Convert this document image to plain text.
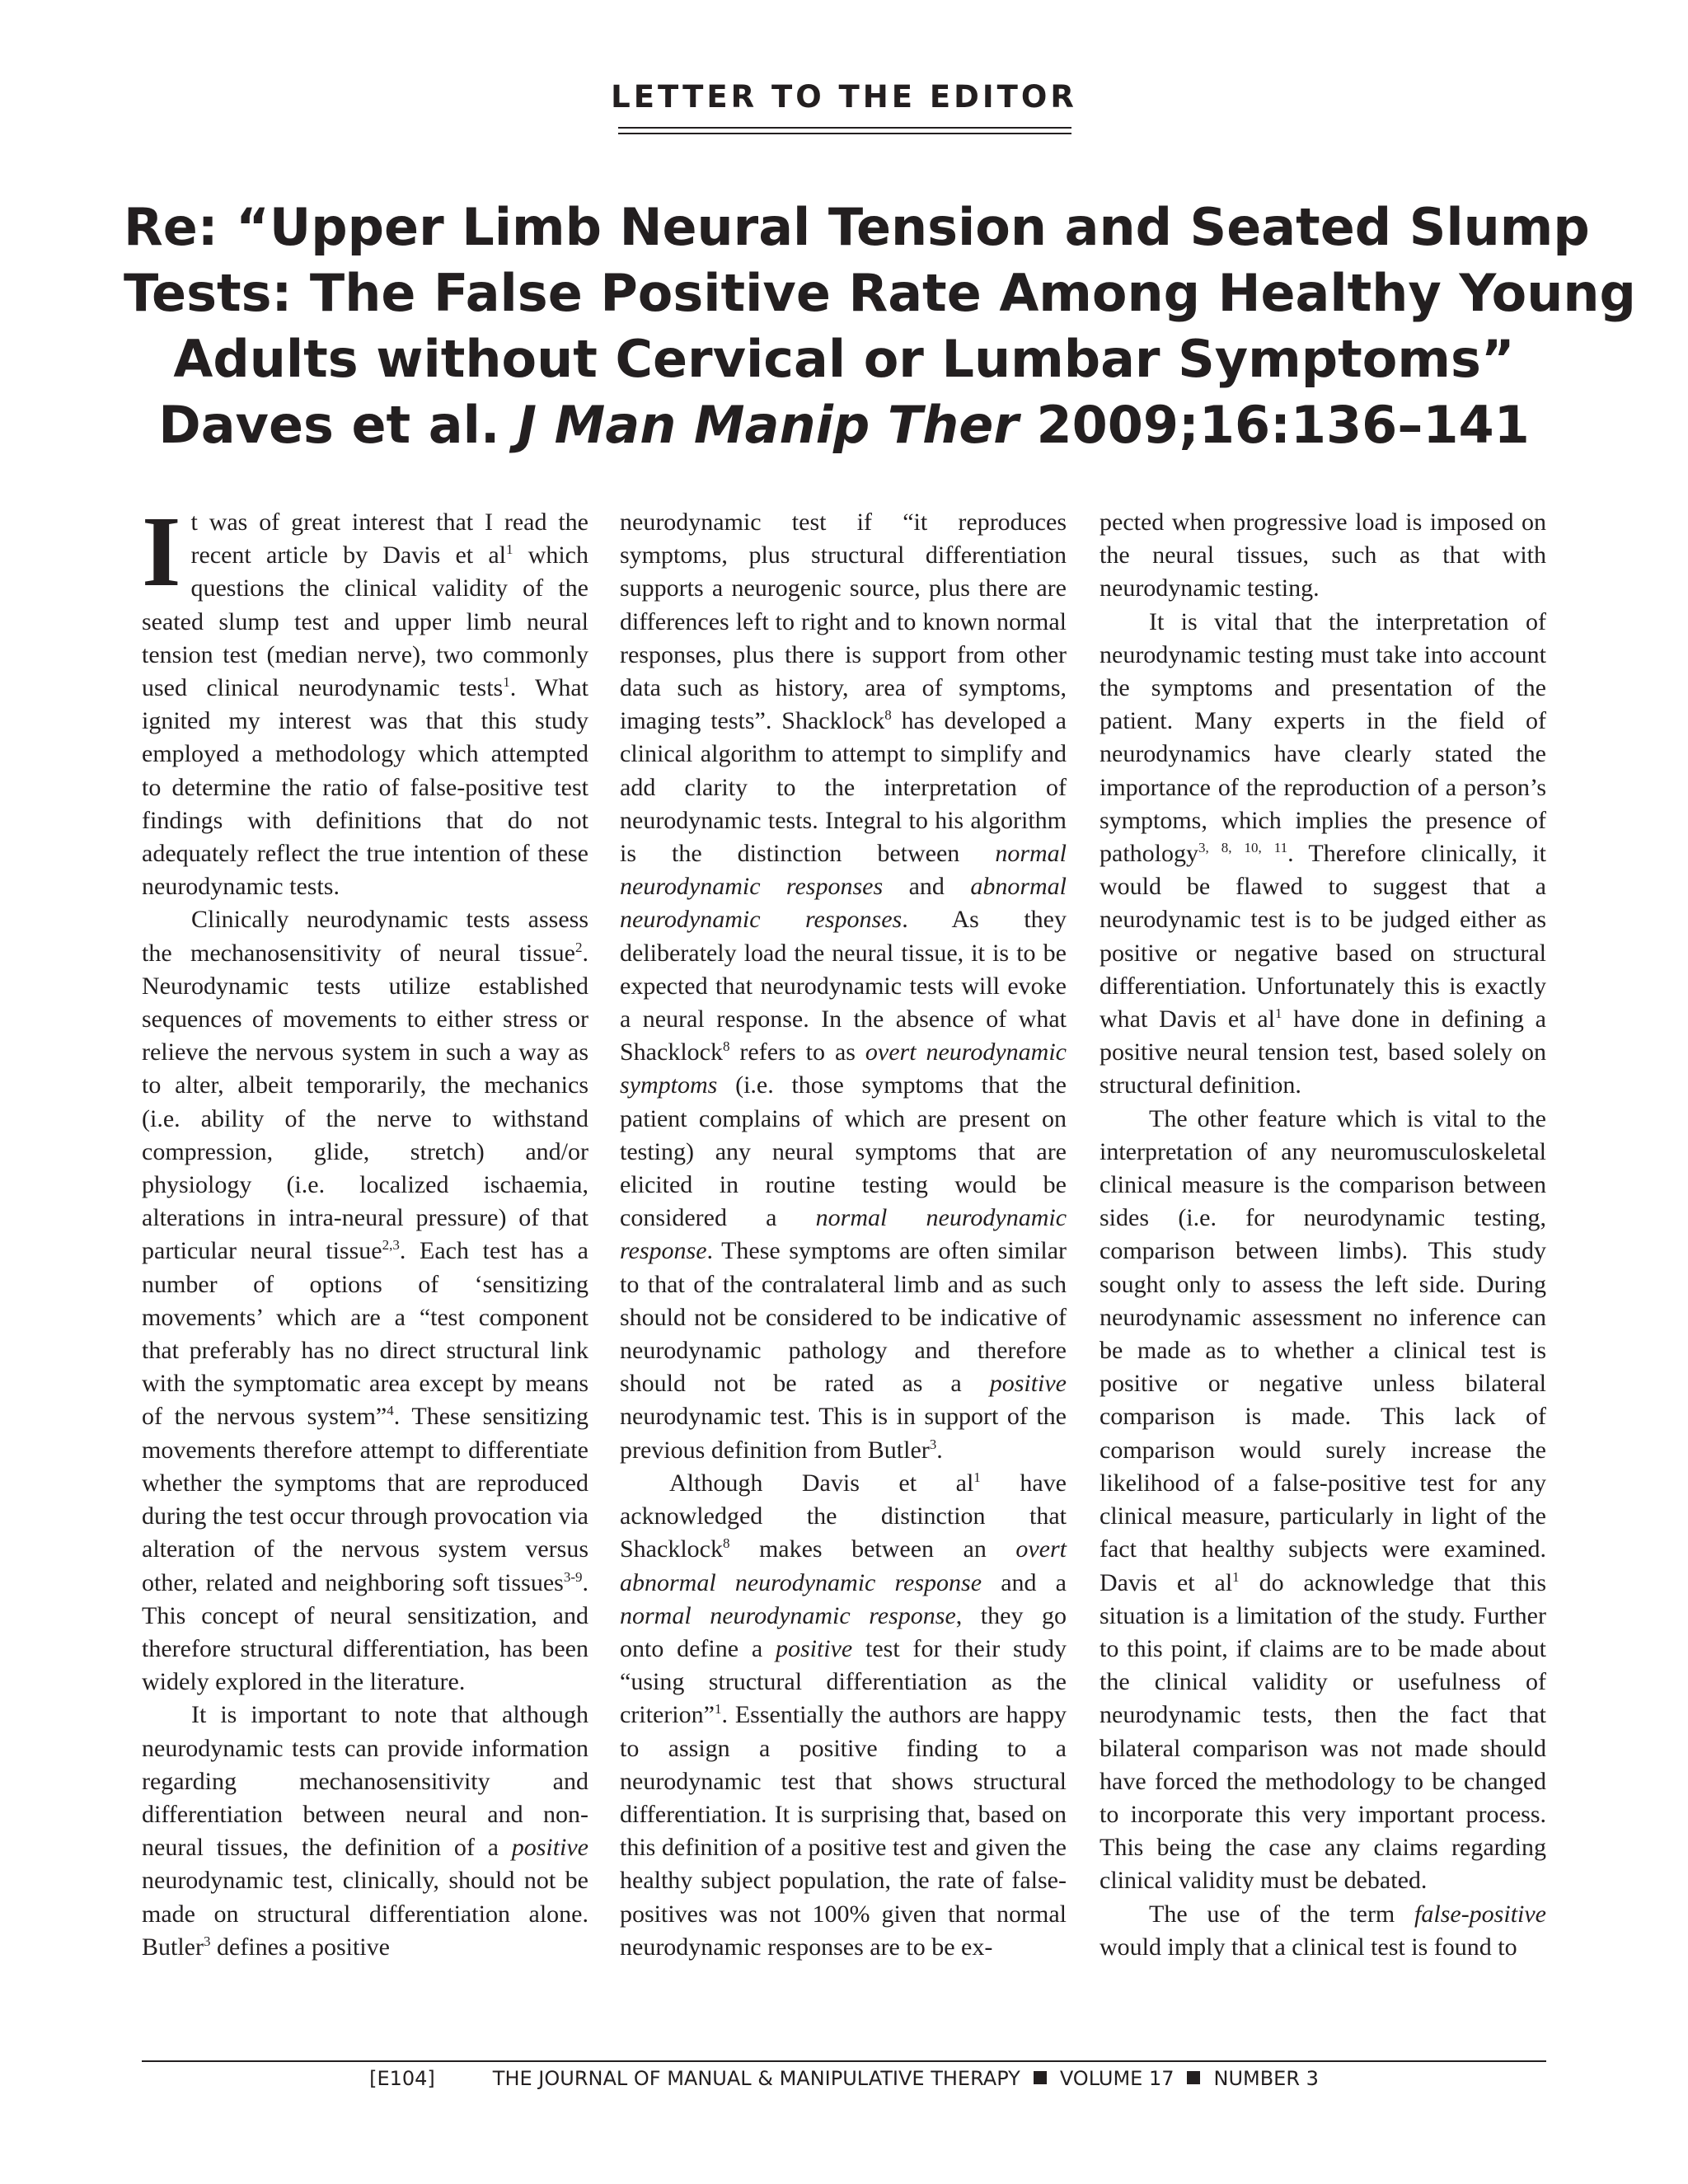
LETTER TO THE EDITOR
Re: “Upper Limb Neural Tension and Seated Slump
Tests: The False Positive Rate Among Healthy Young
Adults without Cervical or Lumbar Symptoms”
Daves et al. J Man Manip Ther 2009;16:136–141

It was of great interest that I read the recent article by Davis et $al^1$ which questions the clinical validity of the seated slump test and upper limb neural tension test (median nerve), two commonly used clinical neurodynamic tests$^1$. What ignited my interest was that this study employed a methodology which attempted to determine the ratio of false-positive test findings with definitions that do not adequately reflect the true intention of these neurodynamic tests.

Clinically neurodynamic tests assess the mechanosensitivity of neural tissue$^2$. Neurodynamic tests utilize established sequences of movements to either stress or relieve the nervous system in such a way as to alter, albeit temporarily, the mechanics (i.e. ability of the nerve to withstand compression, glide, stretch) and/or physiology (i.e. localized ischaemia, alterations in intra-neural pressure) of that particular neural tissue$^{2,3}$. Each test has a number of options of ‘sensitizing movements’ which are a “test component that preferably has no direct structural link with the symptomatic area except by means of the nervous system”$^4$. These sensitizing movements therefore attempt to differentiate whether the symptoms that are reproduced during the test occur through provocation via alteration of the nervous system versus other, related and neighboring soft tissues$^{3-9}$. This concept of neural sensitization, and therefore structural differentiation, has been widely explored in the literature.

It is important to note that although neurodynamic tests can provide information regarding mechanosensitivity and differentiation between neural and non-neural tissues, the definition of a positive neurodynamic test, clinically, should not be made on structural differentiation alone. Butler$^3$ defines a positive

neurodynamic test if “it reproduces symptoms, plus structural differentiation supports a neurogenic source, plus there are differences left to right and to known normal responses, plus there is support from other data such as history, area of symptoms, imaging tests”. Shacklock$^8$ has developed a clinical algorithm to attempt to simplify and add clarity to the interpretation of neurodynamic tests. Integral to his algorithm is the distinction between normal neurodynamic responses and abnormal neurodynamic responses. As they deliberately load the neural tissue, it is to be expected that neurodynamic tests will evoke a neural response. In the absence of what Shacklock$^8$ refers to as overt neurodynamic symptoms (i.e. those symptoms that the patient complains of which are present on testing) any neural symptoms that are elicited in routine testing would be considered a normal neurodynamic response. These symptoms are often similar to that of the contralateral limb and as such should not be considered to be indicative of neurodynamic pathology and therefore should not be rated as a positive neurodynamic test. This is in support of the previous definition from Butler$^3$.

Although Davis et $al^1$ have acknowledged the distinction that Shacklock$^8$ makes between an overt abnormal neurodynamic response and a normal neurodynamic response, they go onto define a positive test for their study “using structural differentiation as the criterion”$^1$. Essentially the authors are happy to assign a positive finding to a neurodynamic test that shows structural differentiation. It is surprising that, based on this definition of a positive test and given the healthy subject population, the rate of false-positives was not 100% given that normal neurodynamic responses are to be ex-

pected when progressive load is imposed on the neural tissues, such as that with neurodynamic testing.

It is vital that the interpretation of neurodynamic testing must take into account the symptoms and presentation of the patient. Many experts in the field of neurodynamics have clearly stated the importance of the reproduction of a person’s symptoms, which implies the presence of pathology$^{3, 8, 10, 11}$. Therefore clinically, it would be flawed to suggest that a neurodynamic test is to be judged either as positive or negative based on structural differentiation. Unfortunately this is exactly what Davis et $al^1$ have done in defining a positive neural tension test, based solely on structural definition.

The other feature which is vital to the interpretation of any neuromusculoskeletal clinical measure is the comparison between sides (i.e. for neurodynamic testing, comparison between limbs). This study sought only to assess the left side. During neurodynamic assessment no inference can be made as to whether a clinical test is positive or negative unless bilateral comparison is made. This lack of comparison would surely increase the likelihood of a false-positive test for any clinical measure, particularly in light of the fact that healthy subjects were examined. Davis et $al^1$ do acknowledge that this situation is a limitation of the study. Further to this point, if claims are to be made about the clinical validity or usefulness of neurodynamic tests, then the fact that bilateral comparison was not made should have forced the methodology to be changed to incorporate this very important process. This being the case any claims regarding clinical validity must be debated.

The use of the term false-positive would imply that a clinical test is found to

[E104]	THE JOURNAL OF MANUAL & MANIPULATIVE THERAPY VOLUME 17 NUMBER 3
